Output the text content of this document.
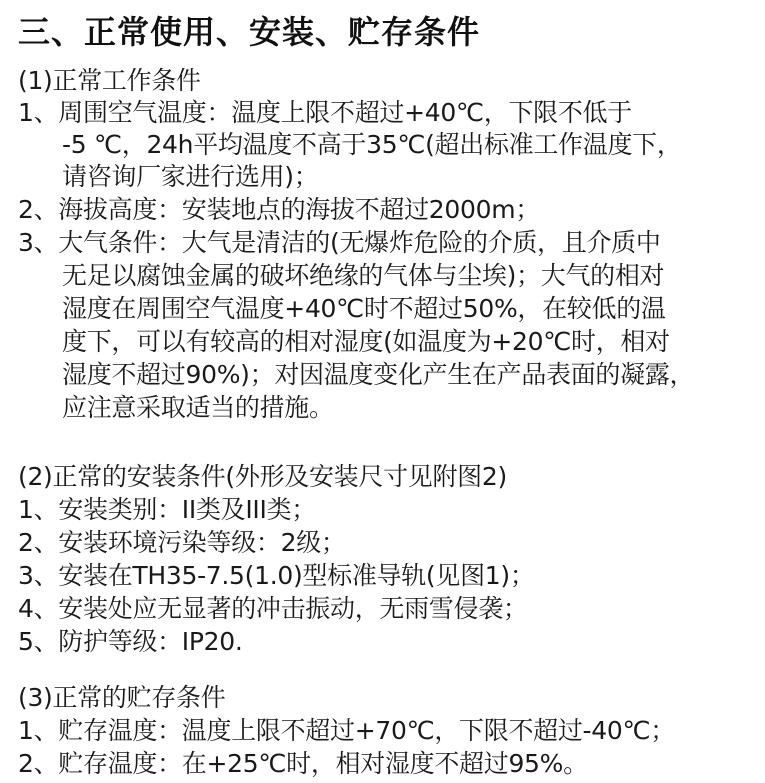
三、正常使用、安装、贮存条件
(1)正常工作条件
1、周围空气温度：温度上限不超过+40℃，下限不低于
-5 ℃，24h平均温度不高于35℃(超出标准工作温度下，
请咨询厂家进行选用)；
2、海拔高度：安装地点的海拔不超过2000m；
3、大气条件：大气是清洁的(无爆炸危险的介质，且介质中
无足以腐蚀金属的破坏绝缘的气体与尘埃)；大气的相对
湿度在周围空气温度+40℃时不超过50%，在较低的温
度下，可以有较高的相对湿度(如温度为+20℃时，相对
湿度不超过90%)；对因温度变化产生在产品表面的凝露，
应注意采取适当的措施。
(2)正常的安装条件(外形及安装尺寸见附图2)
1、安装类别：II类及III类；
2、安装环境污染等级：2级；
3、安装在TH35-7.5(1.0)型标准导轨(见图1)；
4、安装处应无显著的冲击振动，无雨雪侵袭；
5、防护等级：IP20.
(3)正常的贮存条件
1、贮存温度：温度上限不超过+70℃，下限不超过-40℃；
2、贮存温度：在+25℃时，相对湿度不超过95%。
